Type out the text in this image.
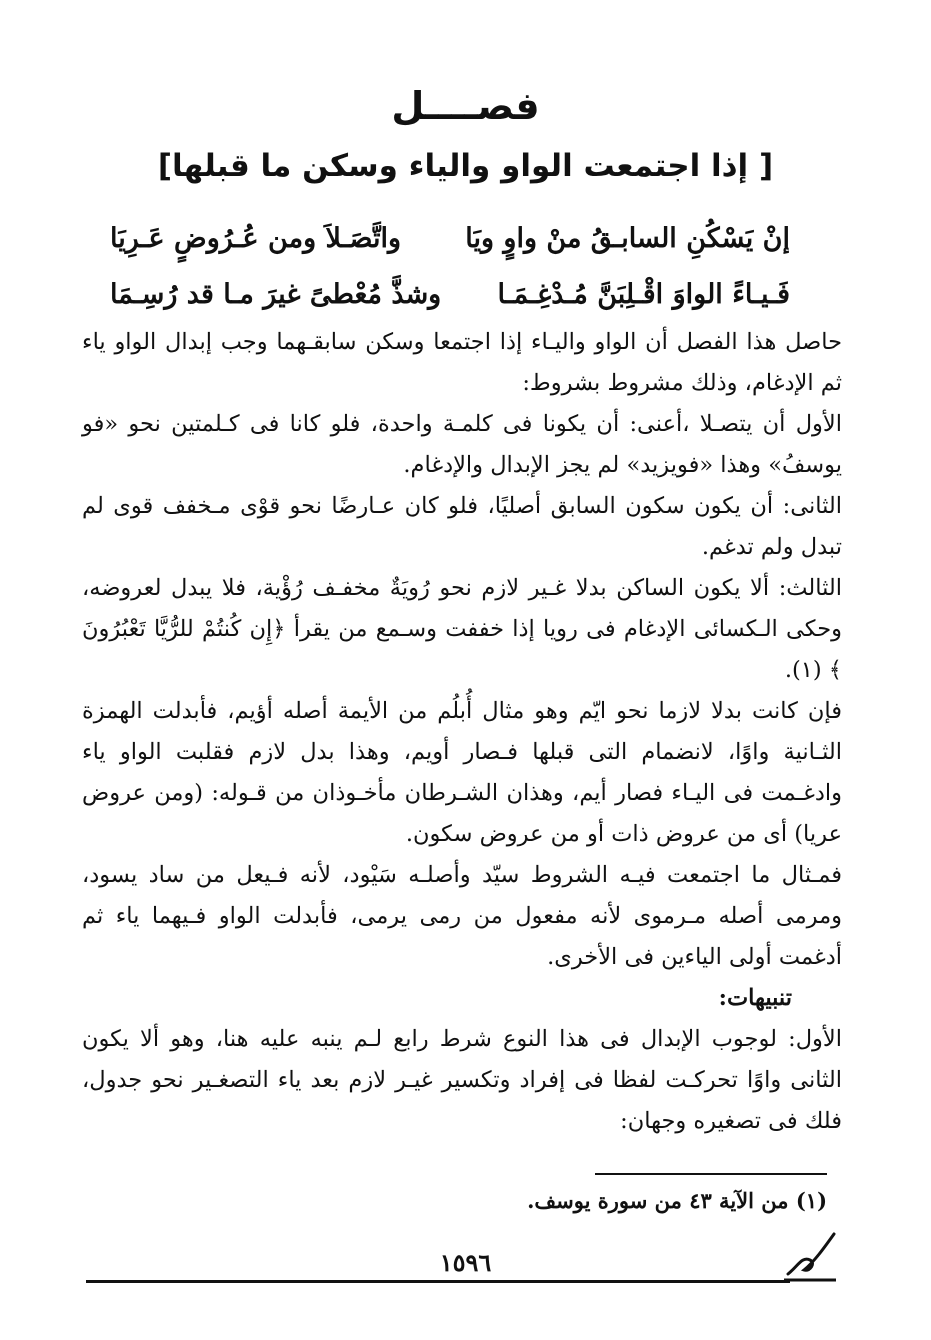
فصــــل
[ إذا اجتمعت الواو والياء وسكن ما قبلها]
إنْ يَسْكُنِ السابـقُ منْ واوٍ ويَا
واتَّصَـلاَ ومن عُـرُوضٍ عَـرِيَا
فَـيـاءً الواوَ اقْـلِبَنَّ مُـدْغِـمَـا
وشذَّ مُعْطىً غيرَ مـا قد رُسِـمَا

حاصل هذا الفصل أن الواو واليـاء إذا اجتمعا وسكن سابقـهما وجب إبدال الواو ياء ثم الإدغام، وذلك مشروط بشروط:

الأول أن يتصـلا ،أعنى: أن يكونا فى كلمـة واحدة، فلو كانا فى كـلمتين نحو «فو يوسفُ» وهذا «فويزيد» لم يجز الإبدال والإدغام.

الثانى: أن يكون سكون السابق أصليًا، فلو كان عـارضًا نحو قوْى مـخفف قوى لم تبدل ولم تدغم.

الثالث: ألا يكون الساكن بدلا غـير لازم نحو رُويَةٌ مخفـف رُؤْية، فلا يبدل لعروضه، وحكى الـكسائى الإدغام فى رويا إذا خففت وسـمع من يقرأ ﴿إِن كُنتُمْ للرُّيَّا تَعْبُرُونَ ﴾ (١).

فإن كانت بدلا لازما نحو ايّم وهو مثال أُبلُم من الأيمة أصله أؤيم، فأبدلت الهمزة الثـانية واوًا، لانضمام التى قبلها فـصار أويم، وهذا بدل لازم فقلبت الواو ياء وادغـمت فى اليـاء فصار أيم، وهذان الشـرطان مأخـوذان من قـوله: (ومن عروض عريا) أى من عروض ذات أو من عروض سكون.

فمـثال ما اجتمعت فيـه الشروط سيّد وأصلـه سَيْود، لأنه فـيعل من ساد يسود، ومرمى أصله مـرموى لأنه مفعول من رمى يرمى، فأبدلت الواو فـيهما ياء ثم أدغمت أولى الياءين فى الأخرى.

تنبيهات:

الأول: لوجوب الإبدال فى هذا النوع شرط رابع لـم ينبه عليه هنا، وهو ألا يكون الثانى واوًا تحركـت لفظا فى إفراد وتكسير غيـر لازم بعد ياء التصغـير نحو جدول، فلك فى تصغيره وجهان:

(١) من الآية ٤٣ من سورة يوسف.

١٥٩٦
